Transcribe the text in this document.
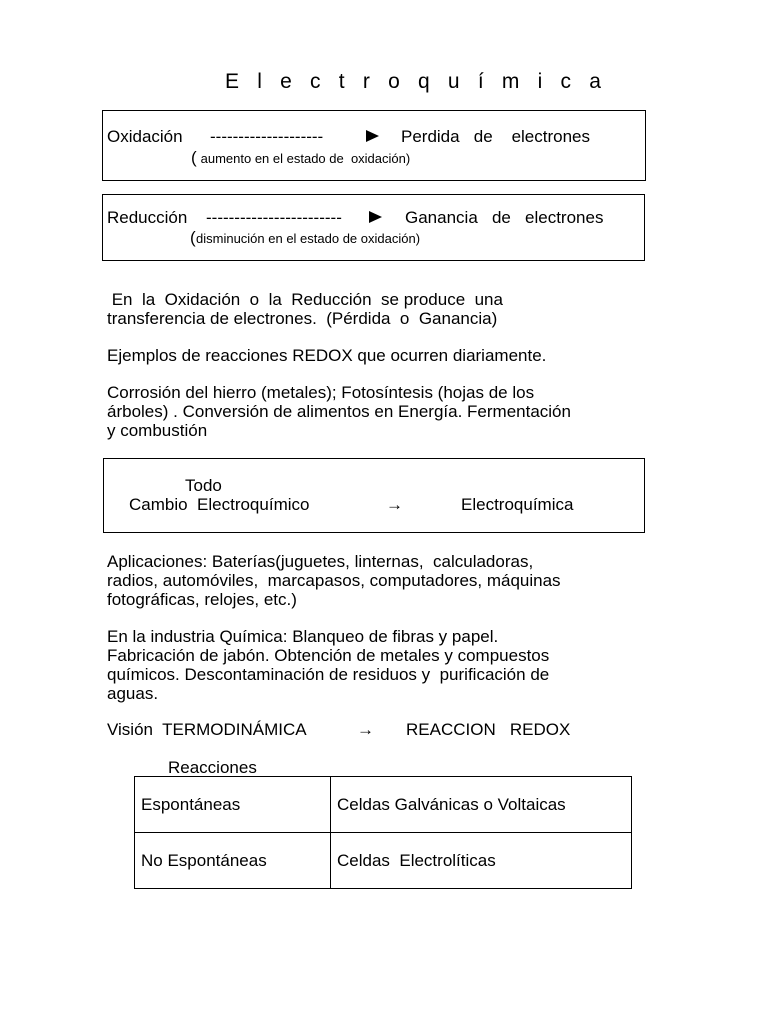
E l e c t r o q u í m i c a
Oxidación --------------------	Perdida   de    electrones
( aumento en el estado de  oxidación)
Reducción ------------------------	Ganancia   de   electrones
( disminución en el estado de oxidación)
En  la  Oxidación  o  la  Reducción  se produce  una
transferencia de electrones.  (Pérdida  o  Ganancia)
Ejemplos de reacciones REDOX que ocurren diariamente.
Corrosión del hierro (metales); Fotosíntesis (hojas de los
árboles) . Conversión de alimentos en Energía. Fermentación
y combustión
Todo
Cambio  Electroquímico	→	Electroquímica
Aplicaciones: Baterías(juguetes, linternas,  calculadoras,
radios, automóviles,  marcapasos, computadores, máquinas
fotográficas, relojes, etc.)
En la industria Química: Blanqueo de fibras y papel.
Fabricación de jabón. Obtención de metales y compuestos
químicos. Descontaminación de residuos y  purificación de
aguas.
Visión  TERMODINÁMICA	→ REACCION   REDOX
Reacciones
Espontáneas	Celdas Galvánicas o Voltaicas
No Espontáneas	Celdas  Electrolíticas
